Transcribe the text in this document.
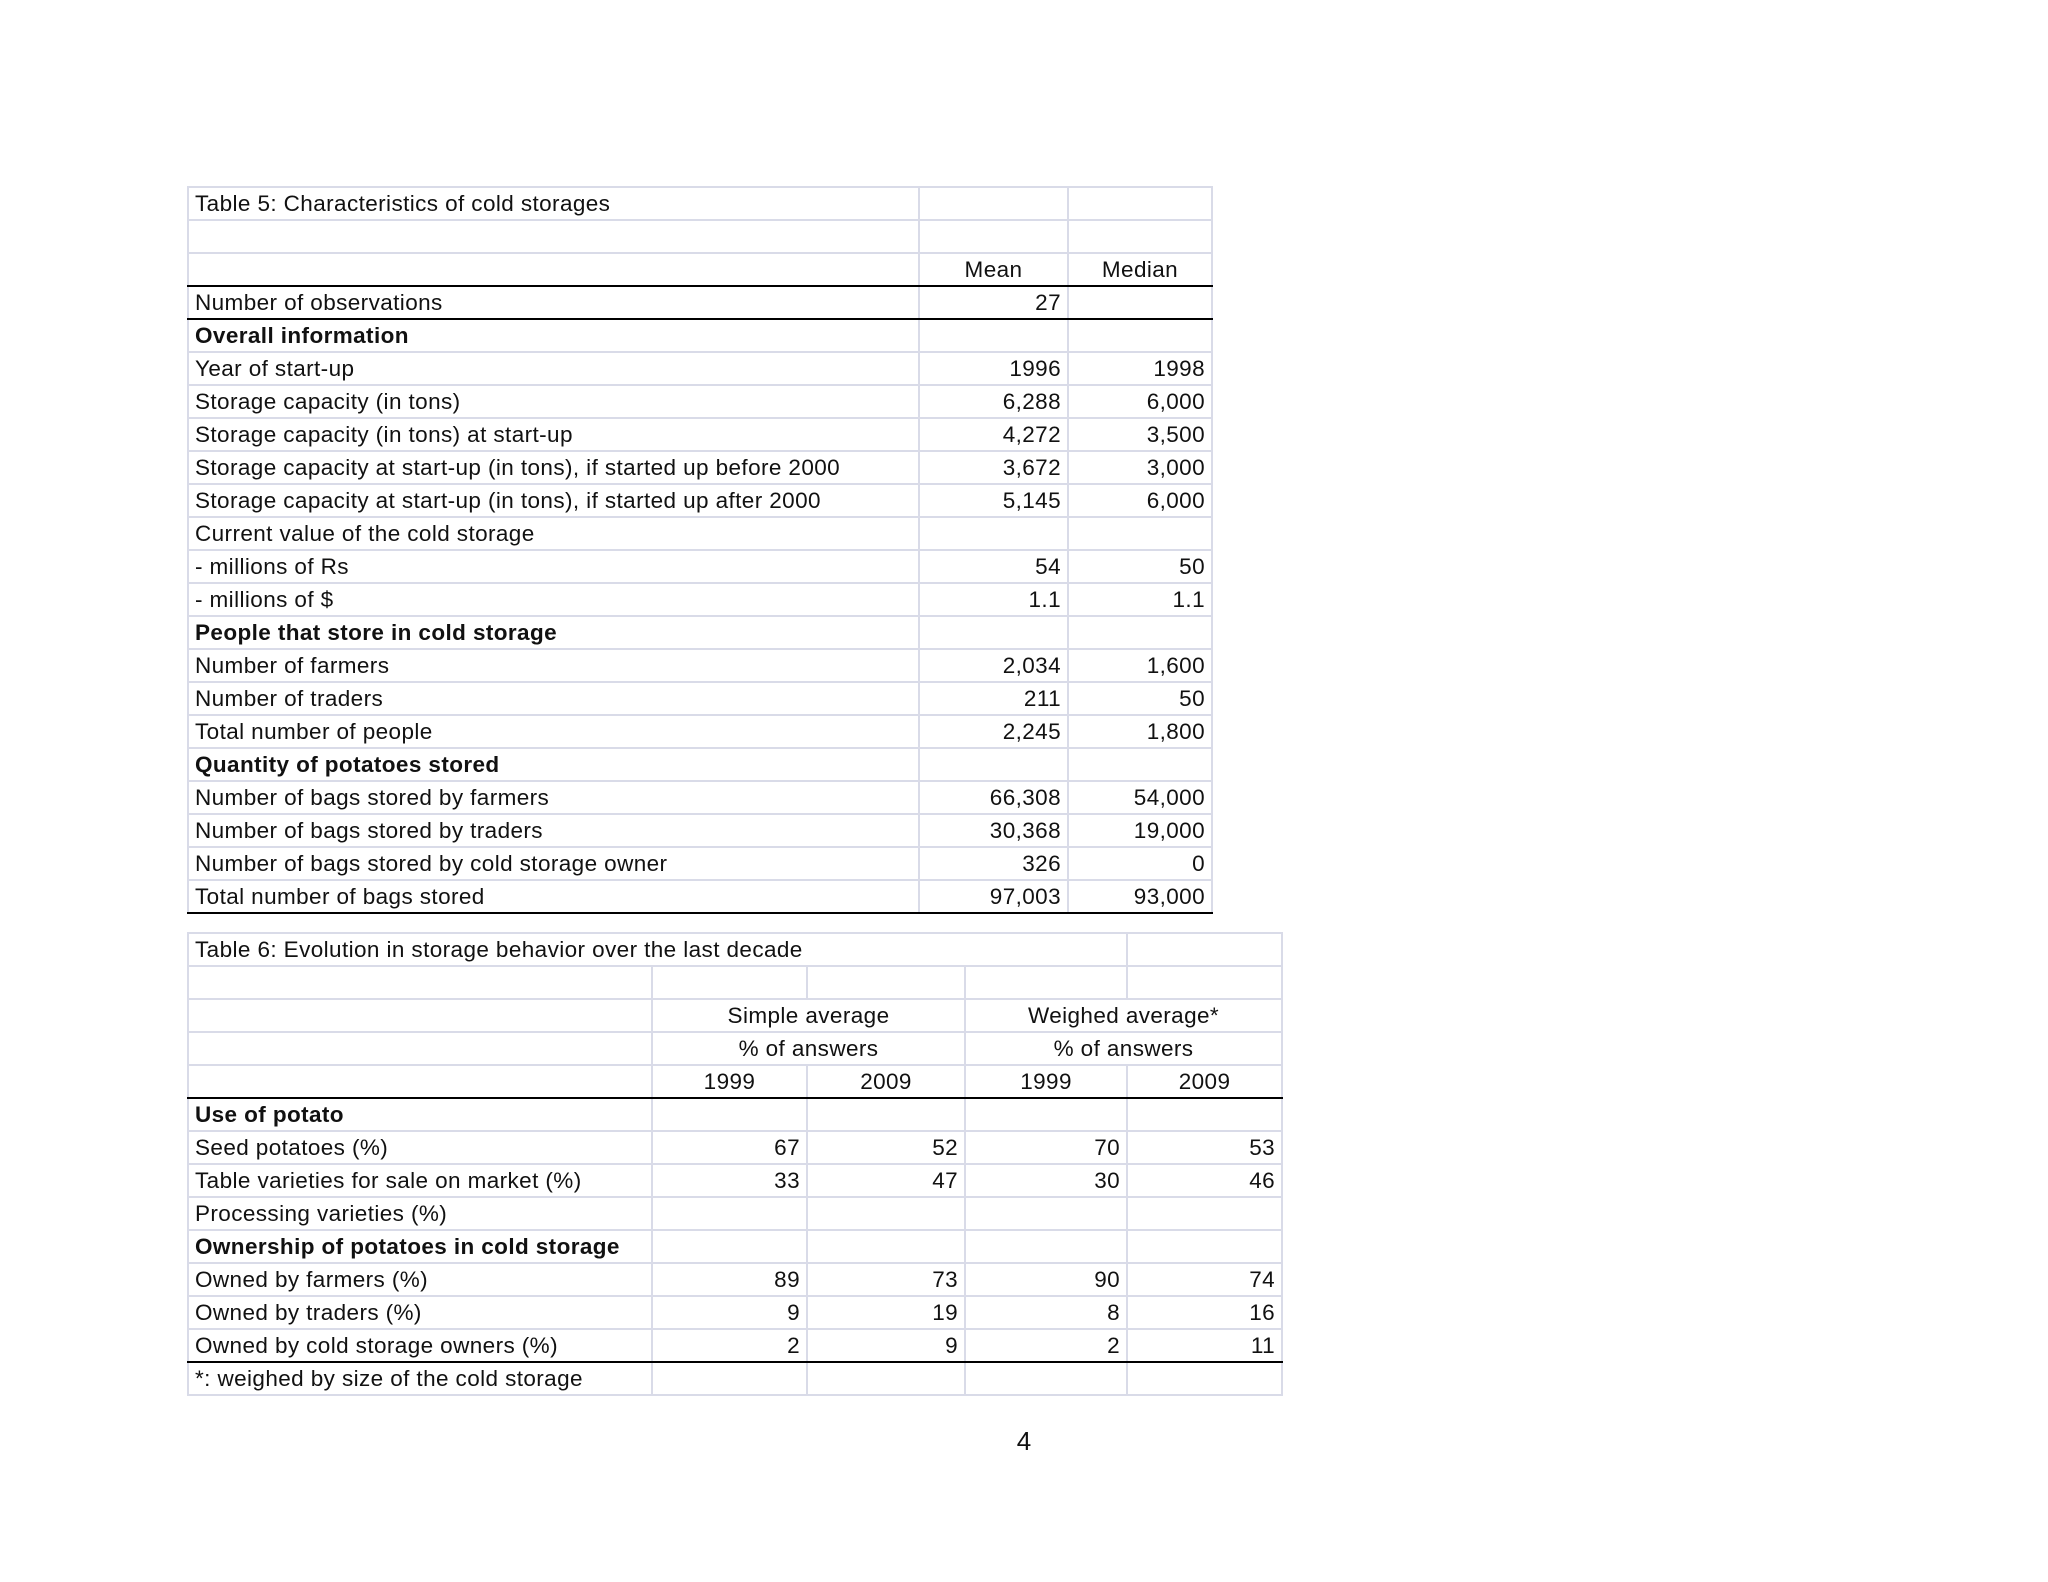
Table 5: Characteristics of cold storages		

	Mean	Median
Number of observations	27	
Overall information		
Year of start-up	1996	1998
Storage capacity (in tons)	6,288	6,000
Storage capacity (in tons) at start-up	4,272	3,500
Storage capacity at start-up (in tons), if started up before 2000	3,672	3,000
Storage capacity at start-up (in tons), if started up after 2000	5,145	6,000
Current value of the cold storage		
- millions of Rs	54	50
- millions of $	1.1	1.1
People that store in cold storage		
Number of farmers	2,034	1,600
Number of traders	211	50
Total number of people	2,245	1,800
Quantity of potatoes stored		
Number of bags stored by farmers	66,308	54,000
Number of bags stored by traders	30,368	19,000
Number of bags stored by cold storage owner	326	0
Total number of bags stored	97,003	93,000
Table 6: Evolution in storage behavior over the last decade				

	Simple average		Weighed average*	
	% of answers		% of answers	
	1999	2009	1999	2009
Use of potato				
Seed potatoes (%)	67	52	70	53
Table varieties for sale on market (%)	33	47	30	46
Processing varieties (%)				
Ownership of potatoes in cold storage				
Owned by farmers (%)	89	73	90	74
Owned by traders (%)	9	19	8	16
Owned by cold storage owners (%)	2	9	2	11
*: weighed by size of the cold storage				
4
